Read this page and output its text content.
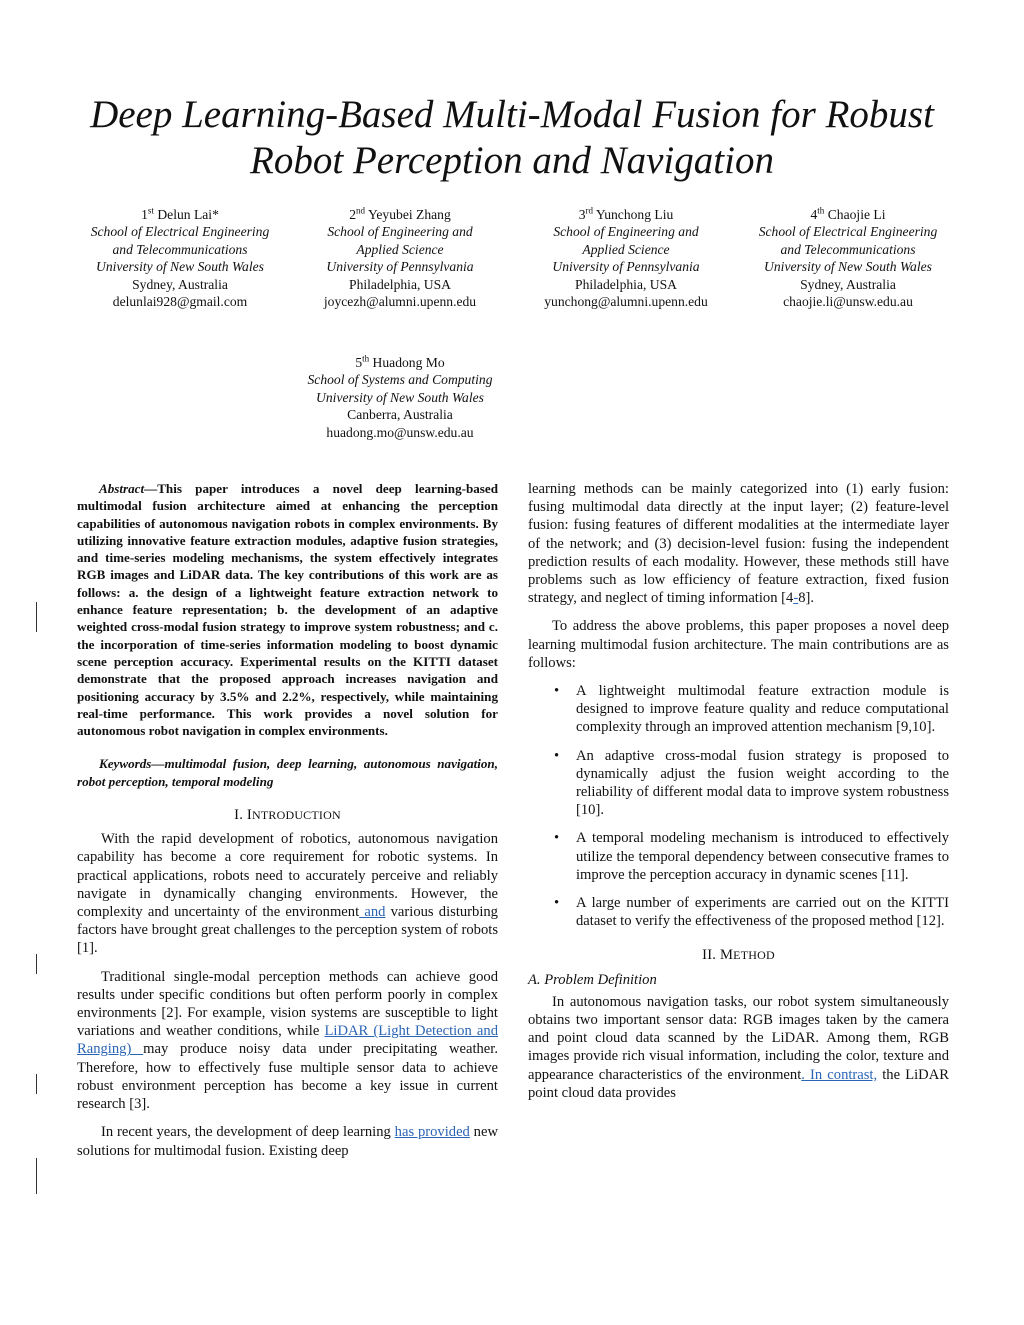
Deep Learning-Based Multi-Modal Fusion for Robust
Robot Perception and Navigation
1st Delun Lai*
School of Electrical Engineering
and Telecommunications
University of New South Wales
Sydney, Australia
delunlai928@gmail.com
2nd Yeyubei Zhang
School of Engineering and
Applied Science
University of Pennsylvania
Philadelphia, USA
joycezh@alumni.upenn.edu
3rd Yunchong Liu
School of Engineering and
Applied Science
University of Pennsylvania
Philadelphia, USA
yunchong@alumni.upenn.edu
4th Chaojie Li
School of Electrical Engineering
and Telecommunications
University of New South Wales
Sydney, Australia
chaojie.li@unsw.edu.au
5th Huadong Mo
School of Systems and Computing
University of New South Wales
Canberra, Australia
huadong.mo@unsw.edu.au

Abstract—This paper introduces a novel deep learning-based multimodal fusion architecture aimed at enhancing the perception capabilities of autonomous navigation robots in complex environments. By utilizing innovative feature extraction modules, adaptive fusion strategies, and time-series modeling mechanisms, the system effectively integrates RGB images and LiDAR data. The key contributions of this work are as follows: a. the design of a lightweight feature extraction network to enhance feature representation; b. the development of an adaptive weighted cross-modal fusion strategy to improve system robustness; and c. the incorporation of time-series information modeling to boost dynamic scene perception accuracy. Experimental results on the KITTI dataset demonstrate that the proposed approach increases navigation and positioning accuracy by 3.5% and 2.2%, respectively, while maintaining real-time performance. This work provides a novel solution for autonomous robot navigation in complex environments.

Keywords—multimodal fusion, deep learning, autonomous navigation, robot perception, temporal modeling

I. INTRODUCTION

With the rapid development of robotics, autonomous navigation capability has become a core requirement for robotic systems. In practical applications, robots need to accurately perceive and reliably navigate in dynamically changing environments. However, the complexity and uncertainty of the environment and various disturbing factors have brought great challenges to the perception system of robots [1].

Traditional single-modal perception methods can achieve good results under specific conditions but often perform poorly in complex environments [2]. For example, vision systems are susceptible to light variations and weather conditions, while LiDAR (Light Detection and Ranging) may produce noisy data under precipitating weather. Therefore, how to effectively fuse multiple sensor data to achieve robust environment perception has become a key issue in current research [3].

In recent years, the development of deep learning has provided new solutions for multimodal fusion. Existing deep

learning methods can be mainly categorized into (1) early fusion: fusing multimodal data directly at the input layer; (2) feature-level fusion: fusing features of different modalities at the intermediate layer of the network; and (3) decision-level fusion: fusing the independent prediction results of each modality. However, these methods still have problems such as low efficiency of feature extraction, fixed fusion strategy, and neglect of timing information [4-8].

To address the above problems, this paper proposes a novel deep learning multimodal fusion architecture. The main contributions are as follows:

• A lightweight multimodal feature extraction module is designed to improve feature quality and reduce computational complexity through an improved attention mechanism [9,10].
• An adaptive cross-modal fusion strategy is proposed to dynamically adjust the fusion weight according to the reliability of different modal data to improve system robustness [10].
• A temporal modeling mechanism is introduced to effectively utilize the temporal dependency between consecutive frames to improve the perception accuracy in dynamic scenes [11].
• A large number of experiments are carried out on the KITTI dataset to verify the effectiveness of the proposed method [12].
II. METHOD
A. Problem Definition

In autonomous navigation tasks, our robot system simultaneously obtains two important sensor data: RGB images taken by the camera and point cloud data scanned by the LiDAR. Among them, RGB images provide rich visual information, including the color, texture and appearance characteristics of the environment. In contrast, the LiDAR point cloud data provides
